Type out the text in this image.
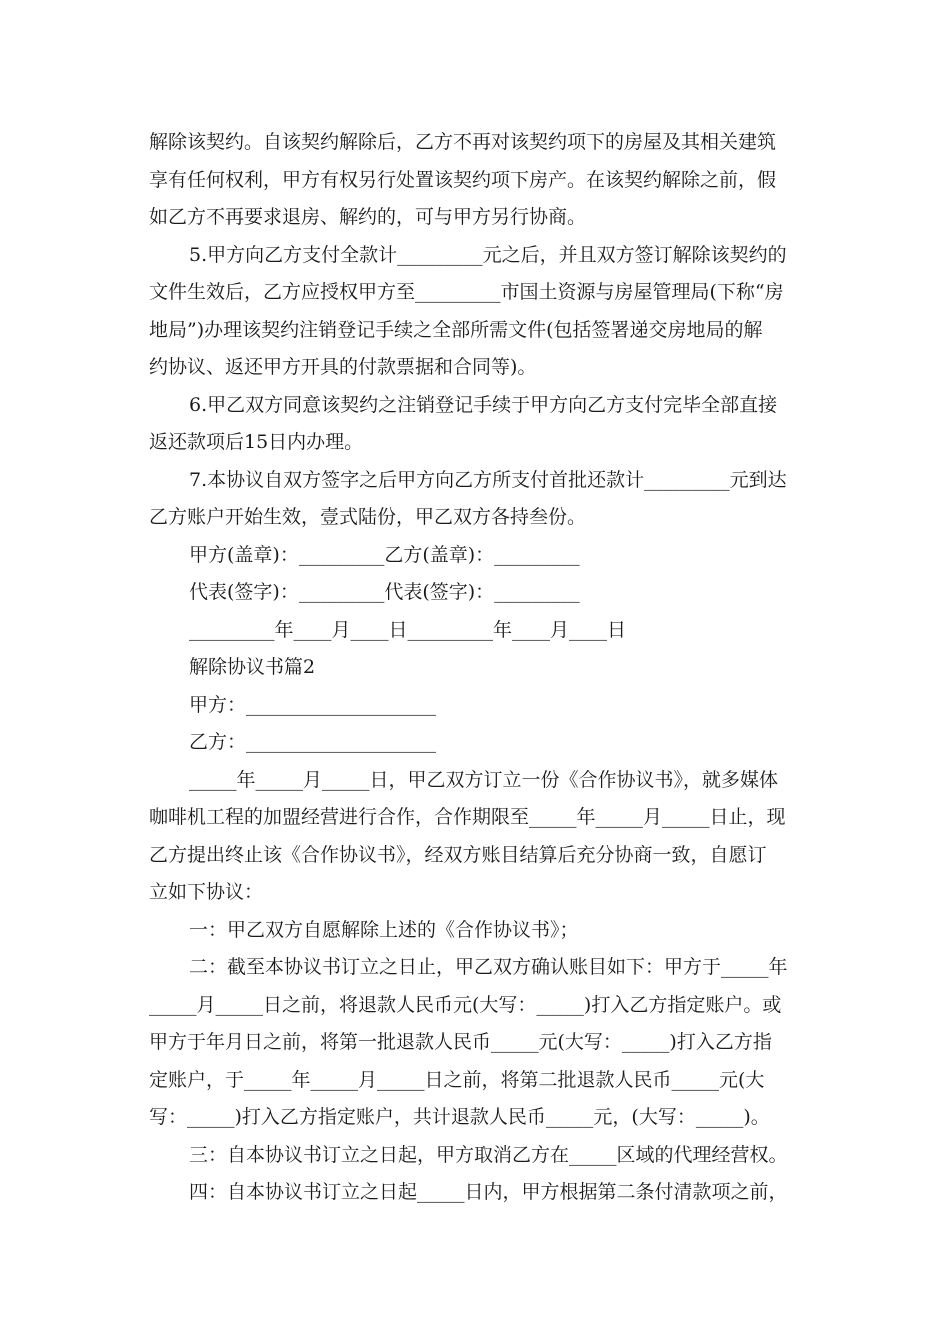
解除该契约。自该契约解除后，乙方不再对该契约项下的房屋及其相关建筑

享有任何权利，甲方有权另行处置该契约项下房产。在该契约解除之前，假

如乙方不再要求退房、解约的，可与甲方另行协商。

5.甲方向乙方支付全款计_________元之后，并且双方签订解除该契约的

文件生效后，乙方应授权甲方至_________市国土资源与房屋管理局(下称“房

地局”)办理该契约注销登记手续之全部所需文件(包括签署递交房地局的解

约协议、返还甲方开具的付款票据和合同等)。

6.甲乙双方同意该契约之注销登记手续于甲方向乙方支付完毕全部直接

返还款项后15日内办理。

7.本协议自双方签字之后甲方向乙方所支付首批还款计_________元到达

乙方账户开始生效，壹式陆份，甲乙双方各持叁份。

甲方(盖章)：_________乙方(盖章)：_________

代表(签字)：_________代表(签字)：_________

_________年____月____日_________年____月____日

解除协议书篇2

甲方：____________________

乙方：____________________

_____年_____月_____日，甲乙双方订立一份《合作协议书》，就多媒体

咖啡机工程的加盟经营进行合作，合作期限至_____年_____月_____日止，现

乙方提出终止该《合作协议书》，经双方账目结算后充分协商一致，自愿订

立如下协议：

一：甲乙双方自愿解除上述的《合作协议书》；

二：截至本协议书订立之日止，甲乙双方确认账目如下：甲方于_____年

_____月_____日之前，将退款人民币元(大写：_____)打入乙方指定账户。或

甲方于年月日之前，将第一批退款人民币_____元(大写：_____)打入乙方指

定账户，于_____年_____月_____日之前，将第二批退款人民币_____元(大

写：_____)打入乙方指定账户，共计退款人民币_____元，(大写：_____)。

三：自本协议书订立之日起，甲方取消乙方在_____区域的代理经营权。

四：自本协议书订立之日起_____日内，甲方根据第二条付清款项之前，
